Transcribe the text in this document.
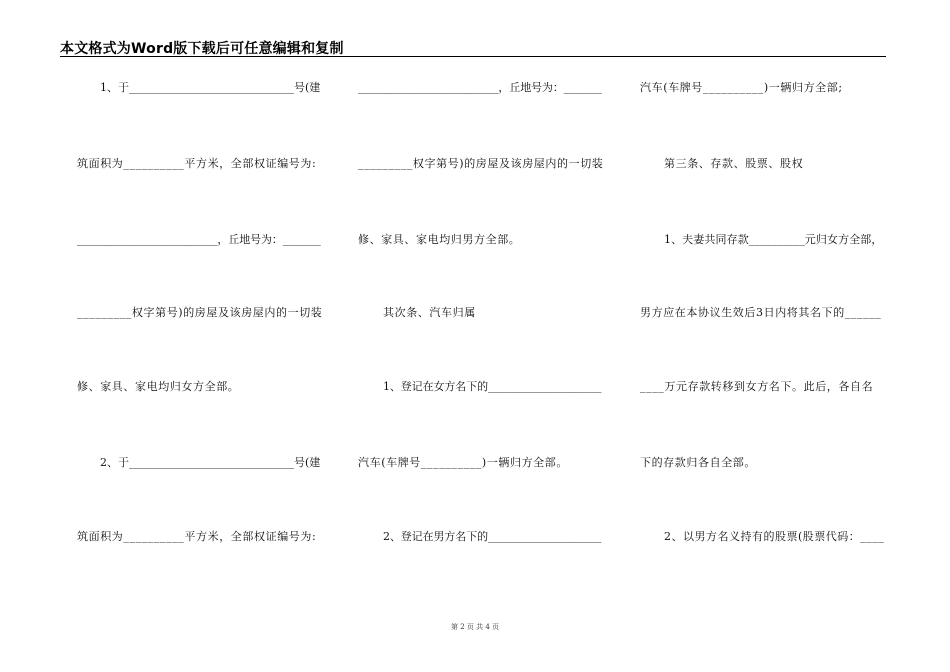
本文格式为Word版下载后可任意编辑和复制
1、于______________________________号(建
筑面积为__________平方米，全部权证编号为:
__________________________，丘地号为：_______
_________权字第号)的房屋及该房屋内的一切装
修、家具、家电均归女方全部。
2、于______________________________号(建
筑面积为__________平方米，全部权证编号为:
__________________________，丘地号为：_______
_________权字第号)的房屋及该房屋内的一切装
修、家具、家电均归男方全部。
其次条、汽车归属
1、登记在女方名下的_____________________
汽车(车牌号__________)一辆归方全部。
2、登记在男方名下的_____________________
汽车(车牌号__________)一辆归方全部;
第三条、存款、股票、股权
1、夫妻共同存款__________元归女方全部，
男方应在本协议生效后3日内将其名下的______
____万元存款转移到女方名下。此后，各自名
下的存款归各自全部。
2、以男方名义持有的股票(股票代码：____
第 2 页 共 4 页
